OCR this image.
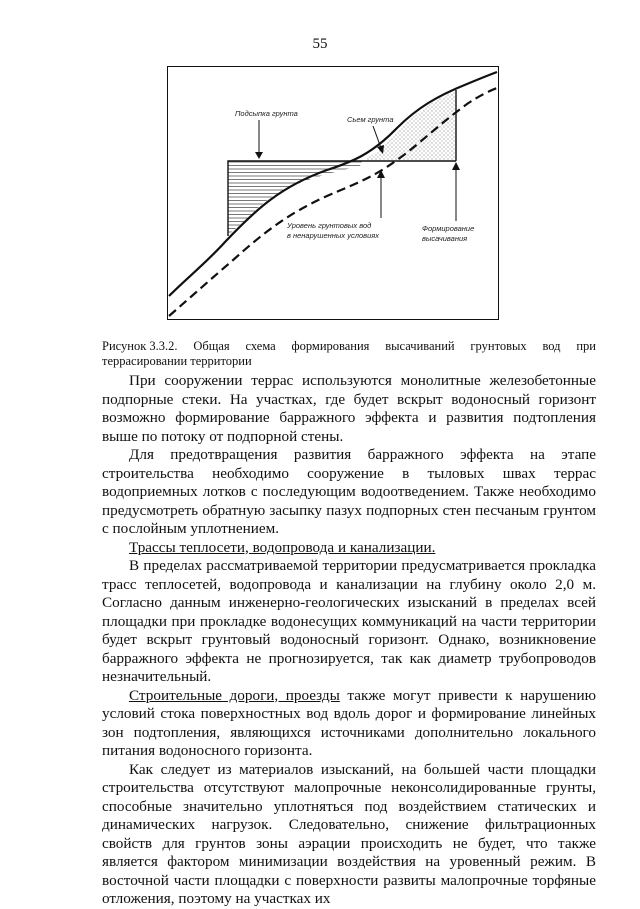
55
Подсыпка грунта
Сьем грунта
Уровень грунтовых вод
в ненарушенных условиях
Формирование
высачивания
Рисунок 3.3.2. Общая схема формирования высачиваний грунтовых вод при
террасировании территории

При сооружении террас используются монолитные железобетонные подпорные стеки. На участках, где будет вскрыт водоносный горизонт возможно формирование барражного эффекта и развития подтопления выше по потоку от подпорной стены.

Для предотвращения развития барражного эффекта на этапе строительства необходимо сооружение в тыловых швах террас водоприемных лотков с последующим водоотведением. Также необходимо предусмотреть обратную засыпку пазух подпорных стен песчаным грунтом с послойным уплотнением.

Трассы теплосети, водопровода и канализации.

В пределах рассматриваемой территории предусматривается прокладка трасс теплосетей, водопровода и канализации на глубину около 2,0 м. Согласно данным инженерно-геологических изысканий в пределах всей площадки при прокладке водонесущих коммуникаций на части территории будет вскрыт грунтовый водоносный горизонт. Однако, возникновение барражного эффекта не прогнозируется, так как диаметр трубопроводов незначительный.

Строительные дороги, проезды также могут привести к нарушению условий стока поверхностных вод вдоль дорог и формирование линейных зон подтопления, являющихся источниками дополнительно локального питания водоносного горизонта.

Как следует из материалов изысканий, на большей части площадки строительства отсутствуют малопрочные неконсолидированные грунты, способные значительно уплотняться под воздействием статических и динамических нагрузок. Следовательно, снижение фильтрационных свойств для грунтов зоны аэрации происходить не будет, что также является фактором минимизации воздействия на уровенный режим. В восточной части площадки с поверхности развиты малопрочные торфяные отложения, поэтому на участках их
